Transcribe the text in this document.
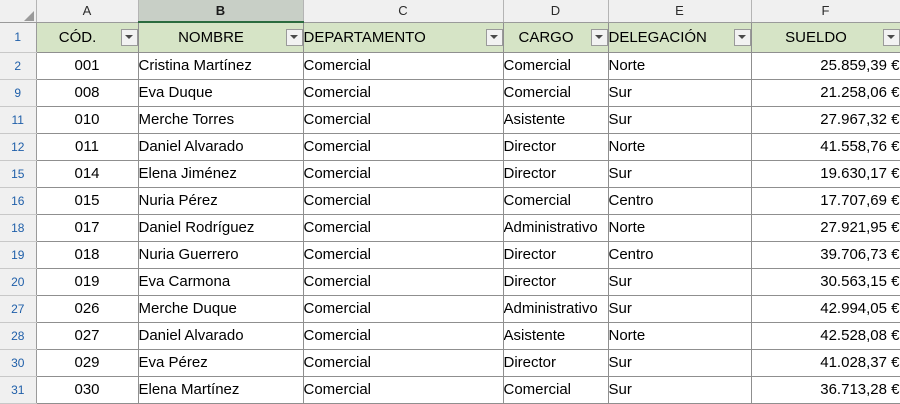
	A	B	C	D	E	F
1	CÓD.	NOMBRE	DEPARTAMENTO	CARGO	DELEGACIÓN	SUELDO

2	001	Cristina Martínez	Comercial	Comercial	Norte	25.859,39 €
9	008	Eva Duque	Comercial	Comercial	Sur	21.258,06 €
11	010	Merche Torres	Comercial	Asistente	Sur	27.967,32 €
12	011	Daniel Alvarado	Comercial	Director	Norte	41.558,76 €
15	014	Elena Jiménez	Comercial	Director	Sur	19.630,17 €
16	015	Nuria Pérez	Comercial	Comercial	Centro	17.707,69 €
18	017	Daniel Rodríguez	Comercial	Administrativo	Norte	27.921,95 €
19	018	Nuria Guerrero	Comercial	Director	Centro	39.706,73 €
20	019	Eva Carmona	Comercial	Director	Sur	30.563,15 €
27	026	Merche Duque	Comercial	Administrativo	Sur	42.994,05 €
28	027	Daniel Alvarado	Comercial	Asistente	Norte	42.528,08 €
30	029	Eva Pérez	Comercial	Director	Sur	41.028,37 €
31	030	Elena Martínez	Comercial	Comercial	Sur	36.713,28 €
